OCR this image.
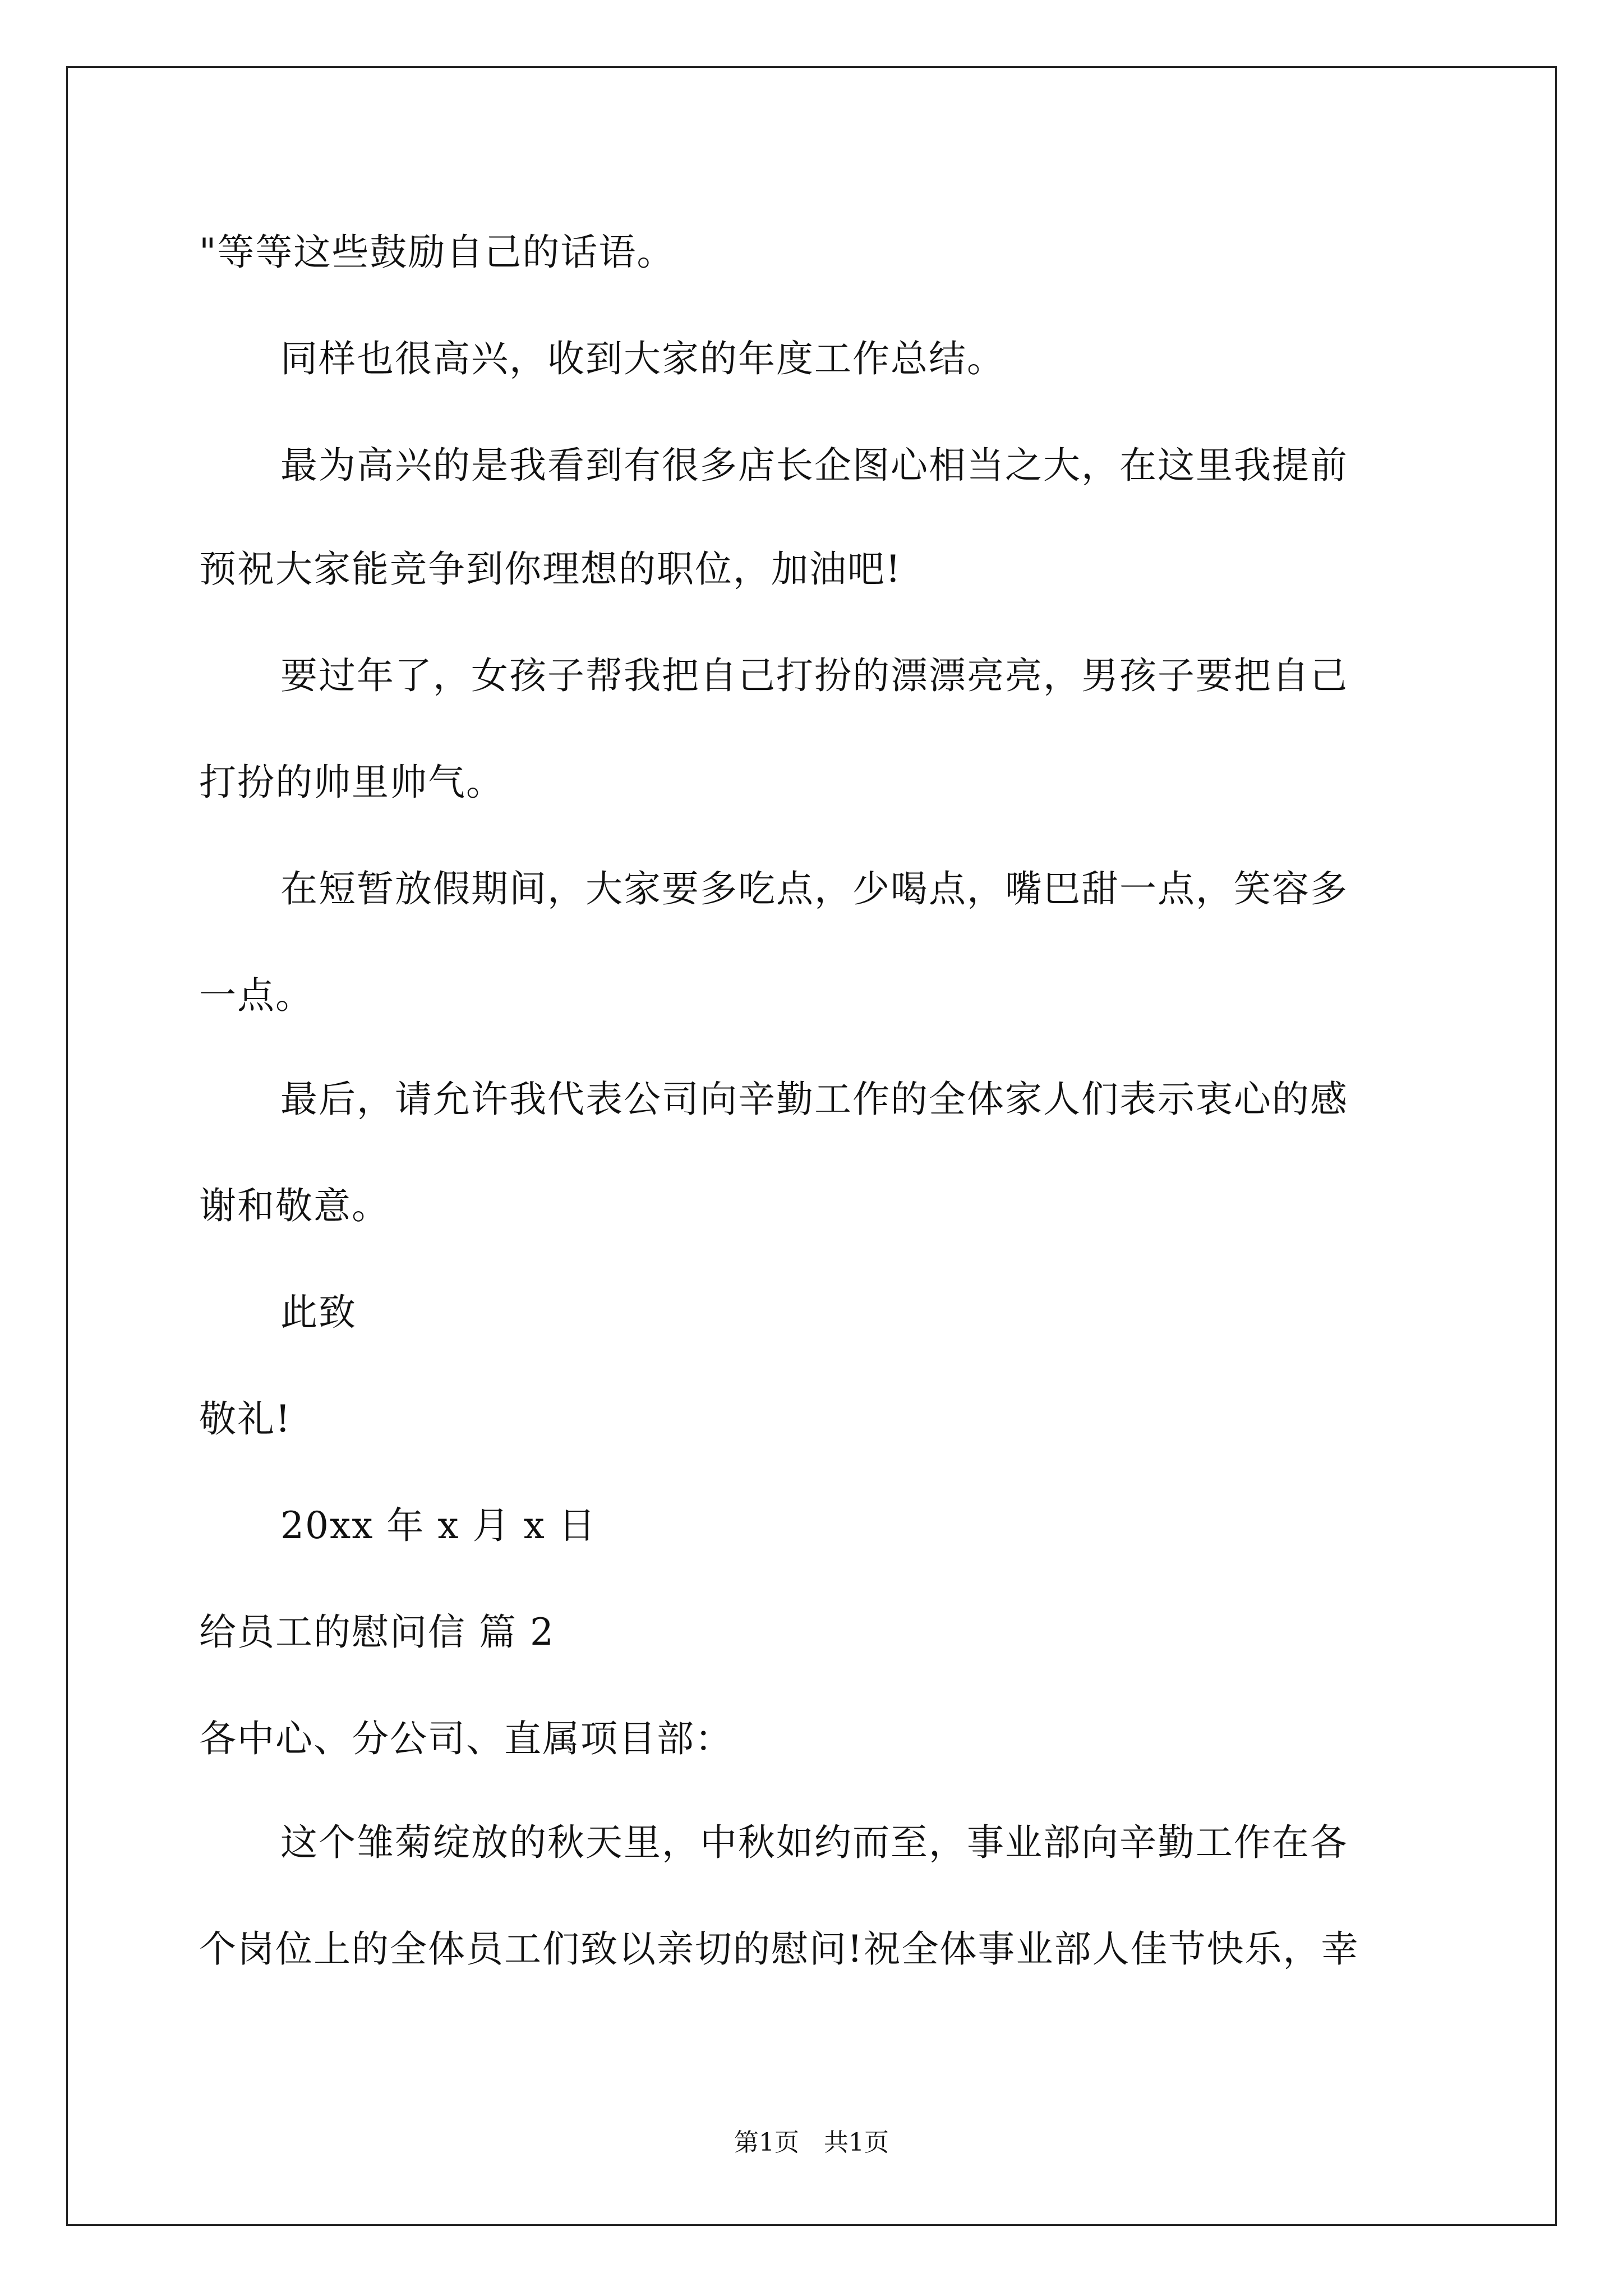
"等等这些鼓励自己的话语。
同样也很高兴，收到大家的年度工作总结。
最为高兴的是我看到有很多店长企图心相当之大，在这里我提前
预祝大家能竞争到你理想的职位，加油吧!
要过年了，女孩子帮我把自己打扮的漂漂亮亮，男孩子要把自己
打扮的帅里帅气。
在短暂放假期间，大家要多吃点，少喝点，嘴巴甜一点，笑容多
一点。
最后，请允许我代表公司向辛勤工作的全体家人们表示衷心的感
谢和敬意。
此致
敬礼!
20xx 年 x 月 x 日
给员工的慰问信 篇 2
各中心、分公司、直属项目部：
这个雏菊绽放的秋天里，中秋如约而至，事业部向辛勤工作在各
个岗位上的全体员工们致以亲切的慰问!祝全体事业部人佳节快乐，幸
第1页　共1页
